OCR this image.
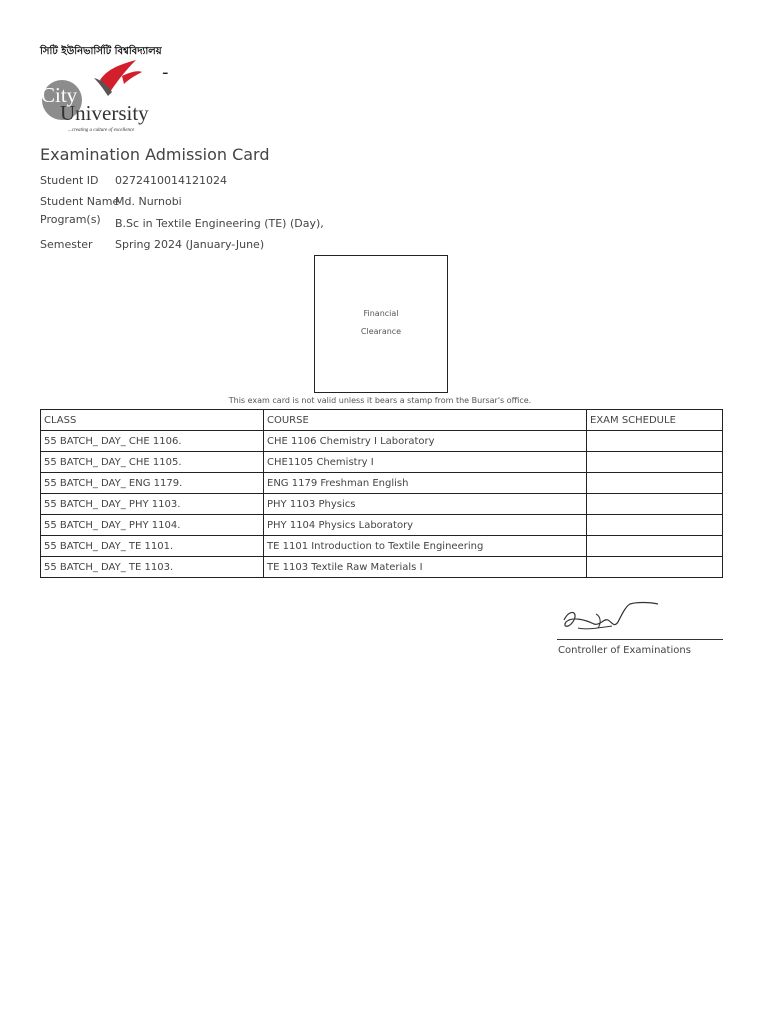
সিটি ইউনিভার্সিটি বিশ্ববিদ্যালয়
City
University
...creating a culture of excellence
-
Examination Admission Card
Student ID 0272410014121024
Student Name
Md. Nurnobi
Program(s) B.Sc in Textile Engineering (TE) (Day),
Semester Spring 2024 (January-June)
Financial
Clearance
This exam card is not valid unless it bears a stamp from the Bursar's office.
CLASS	COURSE	EXAM SCHEDULE
55 BATCH_ DAY_ CHE 1106.	CHE 1106 Chemistry I Laboratory	
55 BATCH_ DAY_ CHE 1105.	CHE1105 Chemistry I	
55 BATCH_ DAY_ ENG 1179.	ENG 1179 Freshman English	
55 BATCH_ DAY_ PHY 1103.	PHY 1103 Physics	
55 BATCH_ DAY_ PHY 1104.	PHY 1104 Physics Laboratory	
55 BATCH_ DAY_ TE 1101.	TE 1101 Introduction to Textile Engineering	
55 BATCH_ DAY_ TE 1103.	TE 1103 Textile Raw Materials I	
Controller of Examinations
